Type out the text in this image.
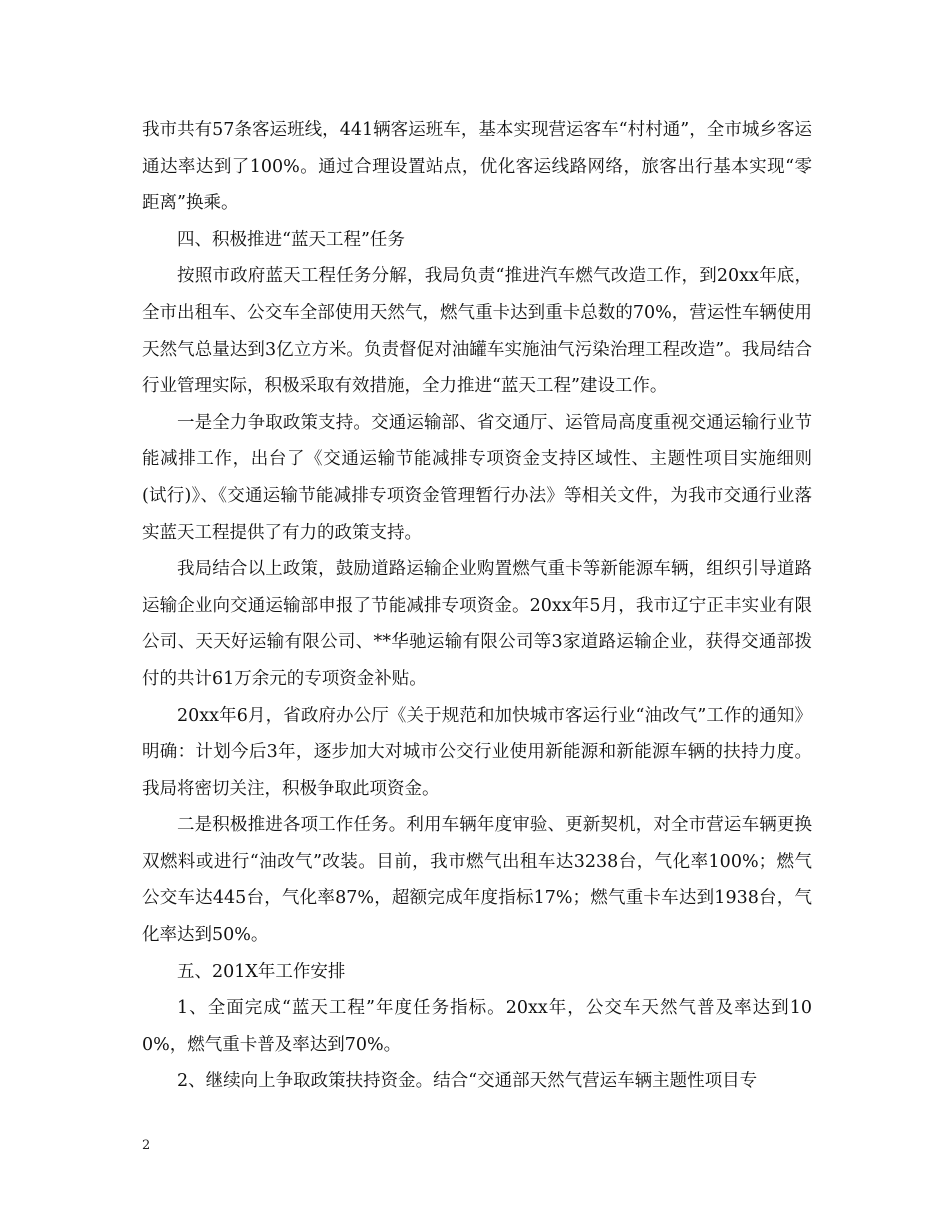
我市共有57条客运班线，441辆客运班车，基本实现营运客车“村村通”，全市城乡客运通达率达到了100%。通过合理设置站点，优化客运线路网络，旅客出行基本实现“零距离”换乘。

四、积极推进“蓝天工程”任务

按照市政府蓝天工程任务分解，我局负责“推进汽车燃气改造工作，到20xx年底，全市出租车、公交车全部使用天然气，燃气重卡达到重卡总数的70%，营运性车辆使用天然气总量达到3亿立方米。负责督促对油罐车实施油气污染治理工程改造”。我局结合行业管理实际，积极采取有效措施，全力推进“蓝天工程”建设工作。

一是全力争取政策支持。交通运输部、省交通厅、运管局高度重视交通运输行业节能减排工作，出台了《交通运输节能减排专项资金支持区域性、主题性项目实施细则(试行)》、《交通运输节能减排专项资金管理暂行办法》等相关文件，为我市交通行业落实蓝天工程提供了有力的政策支持。

我局结合以上政策，鼓励道路运输企业购置燃气重卡等新能源车辆，组织引导道路运输企业向交通运输部申报了节能减排专项资金。20xx年5月，我市辽宁正丰实业有限公司、天天好运输有限公司、**华驰运输有限公司等3家道路运输企业，获得交通部拨付的共计61万余元的专项资金补贴。

20xx年6月，省政府办公厅《关于规范和加快城市客运行业“油改气”工作的通知》明确：计划今后3年，逐步加大对城市公交行业使用新能源和新能源车辆的扶持力度。我局将密切关注，积极争取此项资金。

二是积极推进各项工作任务。利用车辆年度审验、更新契机，对全市营运车辆更换双燃料或进行“油改气”改装。目前，我市燃气出租车达3238台，气化率100%；燃气公交车达445台，气化率87%，超额完成年度指标17%；燃气重卡车达到1938台，气化率达到50%。

五、201X年工作安排

1、全面完成“蓝天工程”年度任务指标。20xx年，公交车天然气普及率达到100%，燃气重卡普及率达到70%。

2、继续向上争取政策扶持资金。结合“交通部天然气营运车辆主题性项目专

2
